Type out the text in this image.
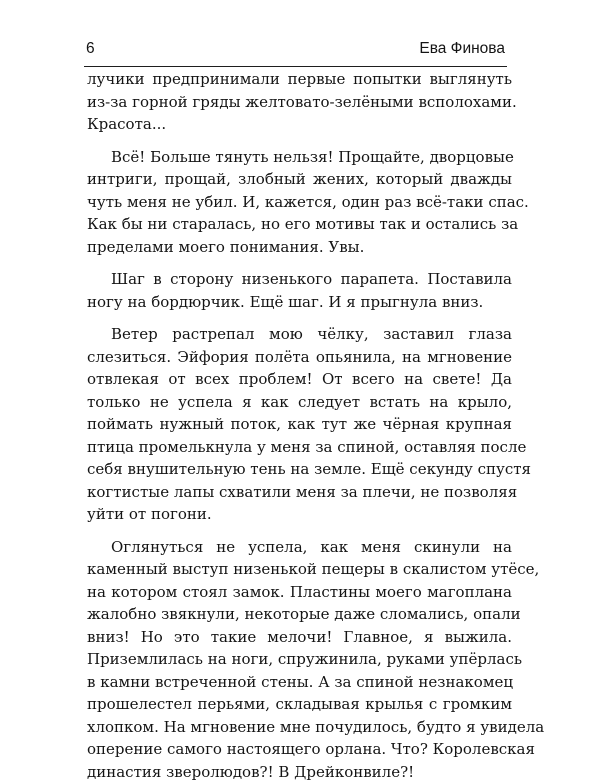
6	Ева Финова
лучики предпринимали первые попытки выглянуть
из-за горной гряды желтовато-зелёными всполохами.
Красота...
Всё! Больше тянуть нельзя! Прощайте, дворцовые
интриги, прощай, злобный жених, который дважды
чуть меня не убил. И, кажется, один раз всё-таки спас.
Как бы ни старалась, но его мотивы так и остались за
пределами моего понимания. Увы.
Шаг в сторону низенького парапета. Поставила
ногу на бордюрчик. Ещё шаг. И я прыгнула вниз.
Ветер растрепал мою чёлку, заставил глаза
слезиться. Эйфория полёта опьянила, на мгновение
отвлекая от всех проблем! От всего на свете! Да
только не успела я как следует встать на крыло,
поймать нужный поток, как тут же чёрная крупная
птица промелькнула у меня за спиной, оставляя после
себя внушительную тень на земле. Ещё секунду спустя
когтистые лапы схватили меня за плечи, не позволяя
уйти от погони.
Оглянуться не успела, как меня скинули на
каменный выступ низенькой пещеры в скалистом утёсе,
на котором стоял замок. Пластины моего магоплана
жалобно звякнули, некоторые даже сломались, опали
вниз! Но это такие мелочи! Главное, я выжила.
Приземлилась на ноги, спружинила, руками упёрлась
в камни встреченной стены. А за спиной незнакомец
прошелестел перьями, складывая крылья с громким
хлопком. На мгновение мне почудилось, будто я увидела
оперение самого настоящего орлана. Что? Королевская
династия зверолюдов?! В Дрейконвиле?!
